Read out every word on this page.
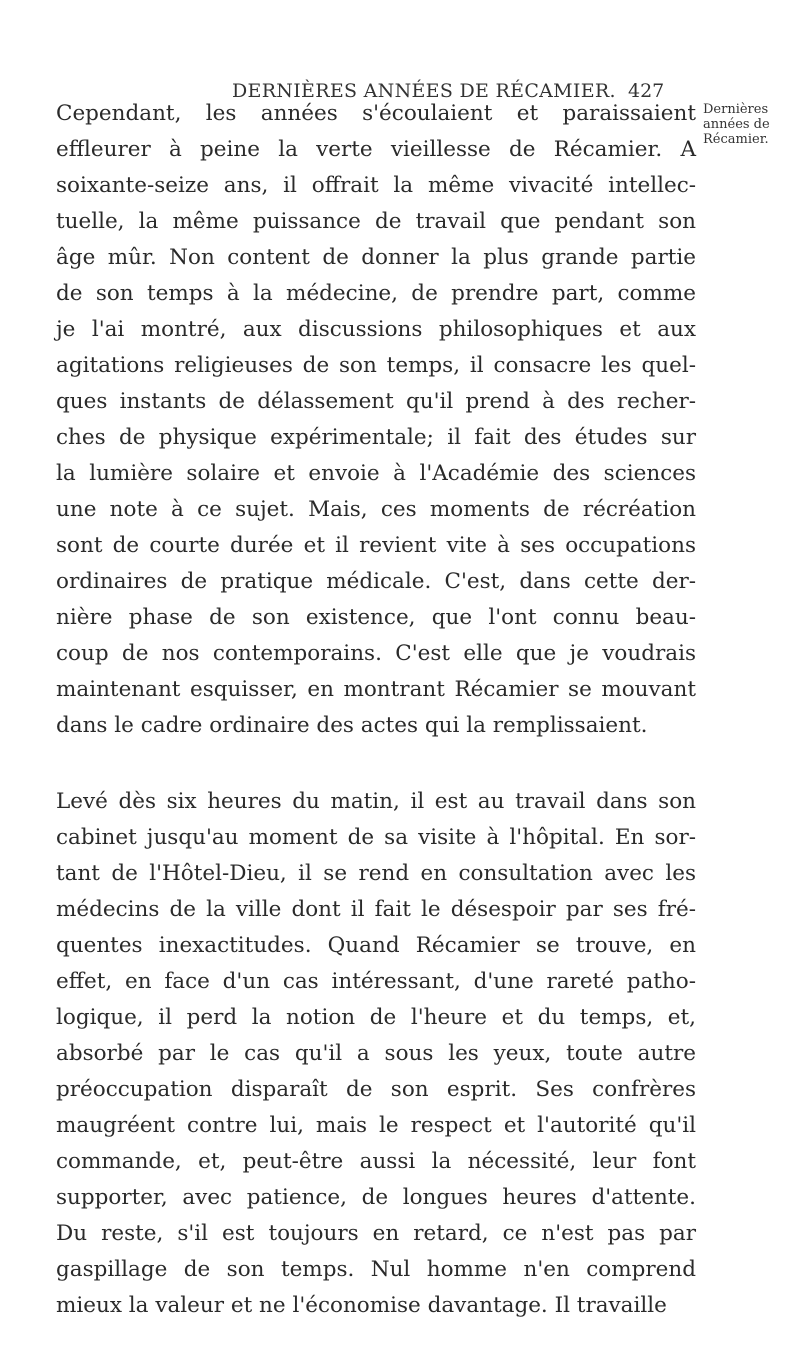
DERNIÈRES ANNÉES DE RÉCAMIER. 427
Dernières
années de
Récamier.
Cependant, les années s'écoulaient et paraissaient
effleurer à peine la verte vieillesse de Récamier. A
soixante-seize ans, il offrait la même vivacité intellec-
tuelle, la même puissance de travail que pendant son
âge mûr. Non content de donner la plus grande partie
de son temps à la médecine, de prendre part, comme
je l'ai montré, aux discussions philosophiques et aux
agitations religieuses de son temps, il consacre les quel-
ques instants de délassement qu'il prend à des recher-
ches de physique expérimentale; il fait des études sur
la lumière solaire et envoie à l'Académie des sciences
une note à ce sujet. Mais, ces moments de récréation
sont de courte durée et il revient vite à ses occupations
ordinaires de pratique médicale. C'est, dans cette der-
nière phase de son existence, que l'ont connu beau-
coup de nos contemporains. C'est elle que je voudrais
maintenant esquisser, en montrant Récamier se mouvant
dans le cadre ordinaire des actes qui la remplissaient.
Levé dès six heures du matin, il est au travail dans son
cabinet jusqu'au moment de sa visite à l'hôpital. En sor-
tant de l'Hôtel-Dieu, il se rend en consultation avec les
médecins de la ville dont il fait le désespoir par ses fré-
quentes inexactitudes. Quand Récamier se trouve, en
effet, en face d'un cas intéressant, d'une rareté patho-
logique, il perd la notion de l'heure et du temps, et,
absorbé par le cas qu'il a sous les yeux, toute autre
préoccupation disparaît de son esprit. Ses confrères
maugréent contre lui, mais le respect et l'autorité qu'il
commande, et, peut-être aussi la nécessité, leur font
supporter, avec patience, de longues heures d'attente.
Du reste, s'il est toujours en retard, ce n'est pas par
gaspillage de son temps. Nul homme n'en comprend
mieux la valeur et ne l'économise davantage. Il travaille
